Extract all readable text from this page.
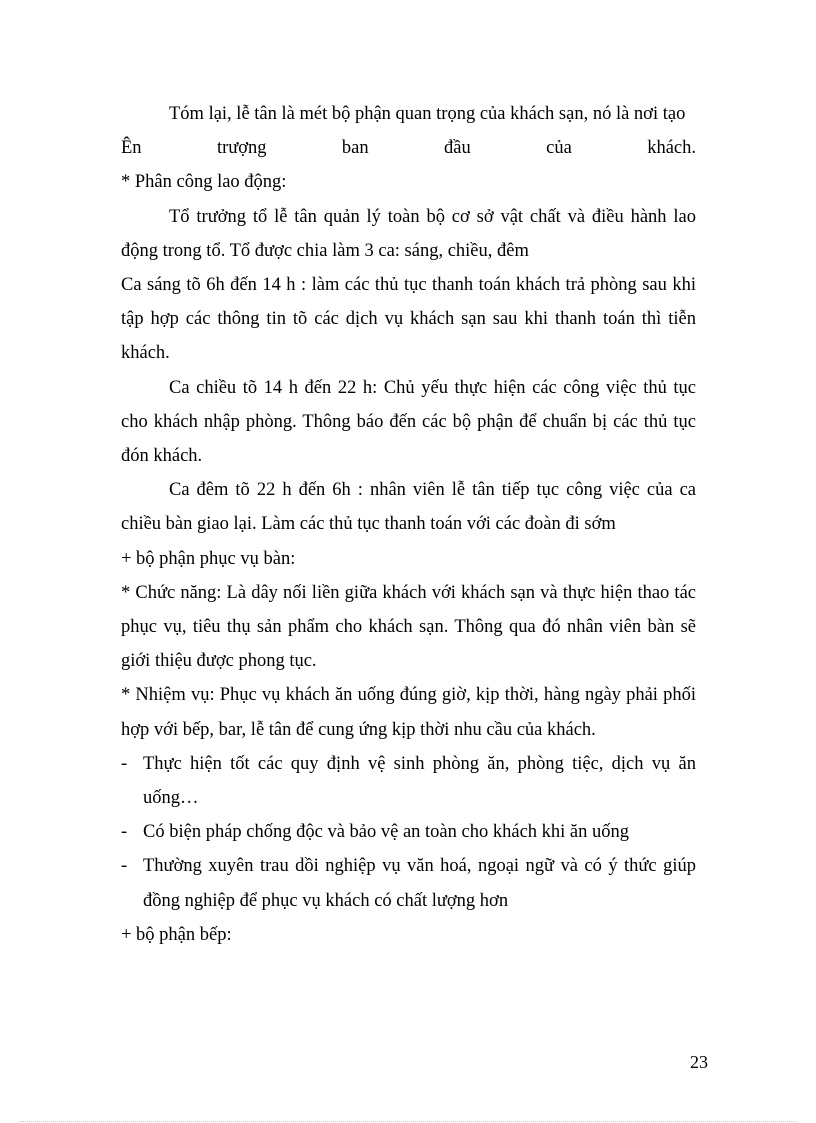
Tóm lại, lễ tân là mét bộ phận quan trọng của khách sạn, nó là nơi tạo

Ên trượng ban đầu của khách.

* Phân công lao động:

Tổ trưởng tổ lễ tân quản lý toàn bộ cơ sở vật chất và điều hành lao động trong tổ. Tổ được chia làm 3 ca: sáng, chiều, đêm

Ca sáng tõ 6h đến 14 h : làm các thủ tục thanh toán khách trả phòng sau khi tập hợp các thông tin tõ các dịch vụ khách sạn sau khi thanh toán thì tiễn khách.

Ca chiều tõ 14 h đến 22 h: Chủ yếu thực hiện các công việc thủ tục cho khách nhập phòng. Thông báo đến các bộ phận để chuẩn bị các thủ tục đón khách.

Ca đêm tõ 22 h đến 6h : nhân viên lễ tân tiếp tục công việc của ca chiều bàn giao lại. Làm các thủ tục thanh toán với các đoàn đi sớm

+ bộ phận phục vụ bàn:

* Chức năng: Là dây nối liền giữa khách với khách sạn và thực hiện thao tác phục vụ, tiêu thụ sản phẩm cho khách sạn. Thông qua đó nhân viên bàn sẽ giới thiệu được phong tục.

* Nhiệm vụ: Phục vụ khách ăn uống đúng giờ, kịp thời, hàng ngày phải phối hợp với bếp, bar, lễ tân để cung ứng kịp thời nhu cầu của khách.

- Thực hiện tốt các quy định vệ sinh phòng ăn, phòng tiệc, dịch vụ ăn uống…
- Có biện pháp chống độc và bảo vệ an toàn cho khách khi ăn uống
- Thường xuyên trau dồi nghiệp vụ văn hoá, ngoại ngữ và có ý thức giúp đồng nghiệp để phục vụ khách có chất lượng hơn

+ bộ phận bếp:

23
